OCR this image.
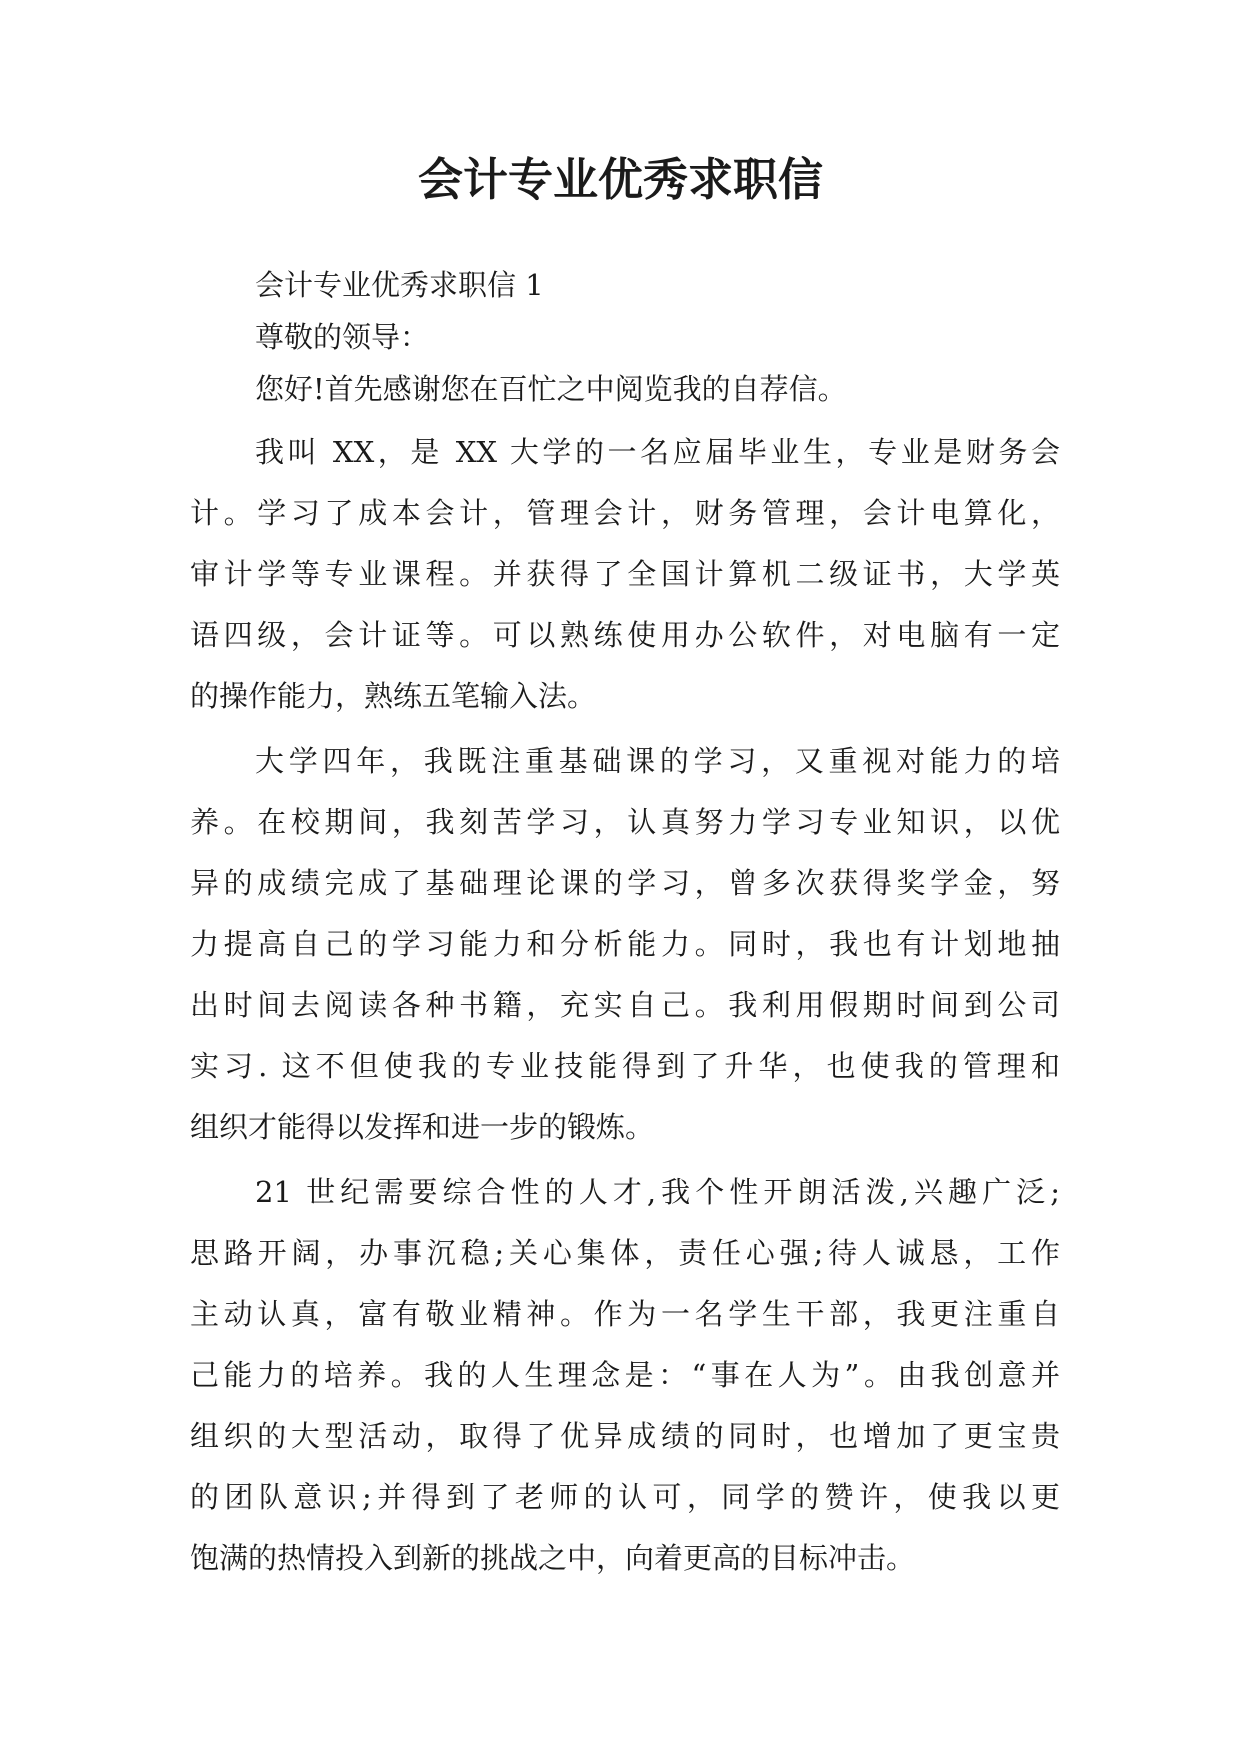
会计专业优秀求职信
会计专业优秀求职信 1
尊敬的领导：
您好!首先感谢您在百忙之中阅览我的自荐信。
我叫 XX，是 XX 大学的一名应届毕业生，专业是财务会
计。学习了成本会计，管理会计，财务管理，会计电算化，
审计学等专业课程。并获得了全国计算机二级证书，大学英
语四级，会计证等。可以熟练使用办公软件，对电脑有一定
的操作能力，熟练五笔输入法。
大学四年，我既注重基础课的学习，又重视对能力的培
养。在校期间，我刻苦学习，认真努力学习专业知识，以优
异的成绩完成了基础理论课的学习，曾多次获得奖学金，努
力提高自己的学习能力和分析能力。同时，我也有计划地抽
出时间去阅读各种书籍，充实自己。我利用假期时间到公司
实习. 这不但使我的专业技能得到了升华，也使我的管理和
组织才能得以发挥和进一步的锻炼。
21 世纪需要综合性的人才,我个性开朗活泼,兴趣广泛;
思路开阔，办事沉稳;关心集体，责任心强;待人诚恳，工作
主动认真，富有敬业精神。作为一名学生干部，我更注重自
己能力的培养。我的人生理念是：“事在人为”。由我创意并
组织的大型活动，取得了优异成绩的同时，也增加了更宝贵
的团队意识;并得到了老师的认可，同学的赞许，使我以更
饱满的热情投入到新的挑战之中，向着更高的目标冲击。
